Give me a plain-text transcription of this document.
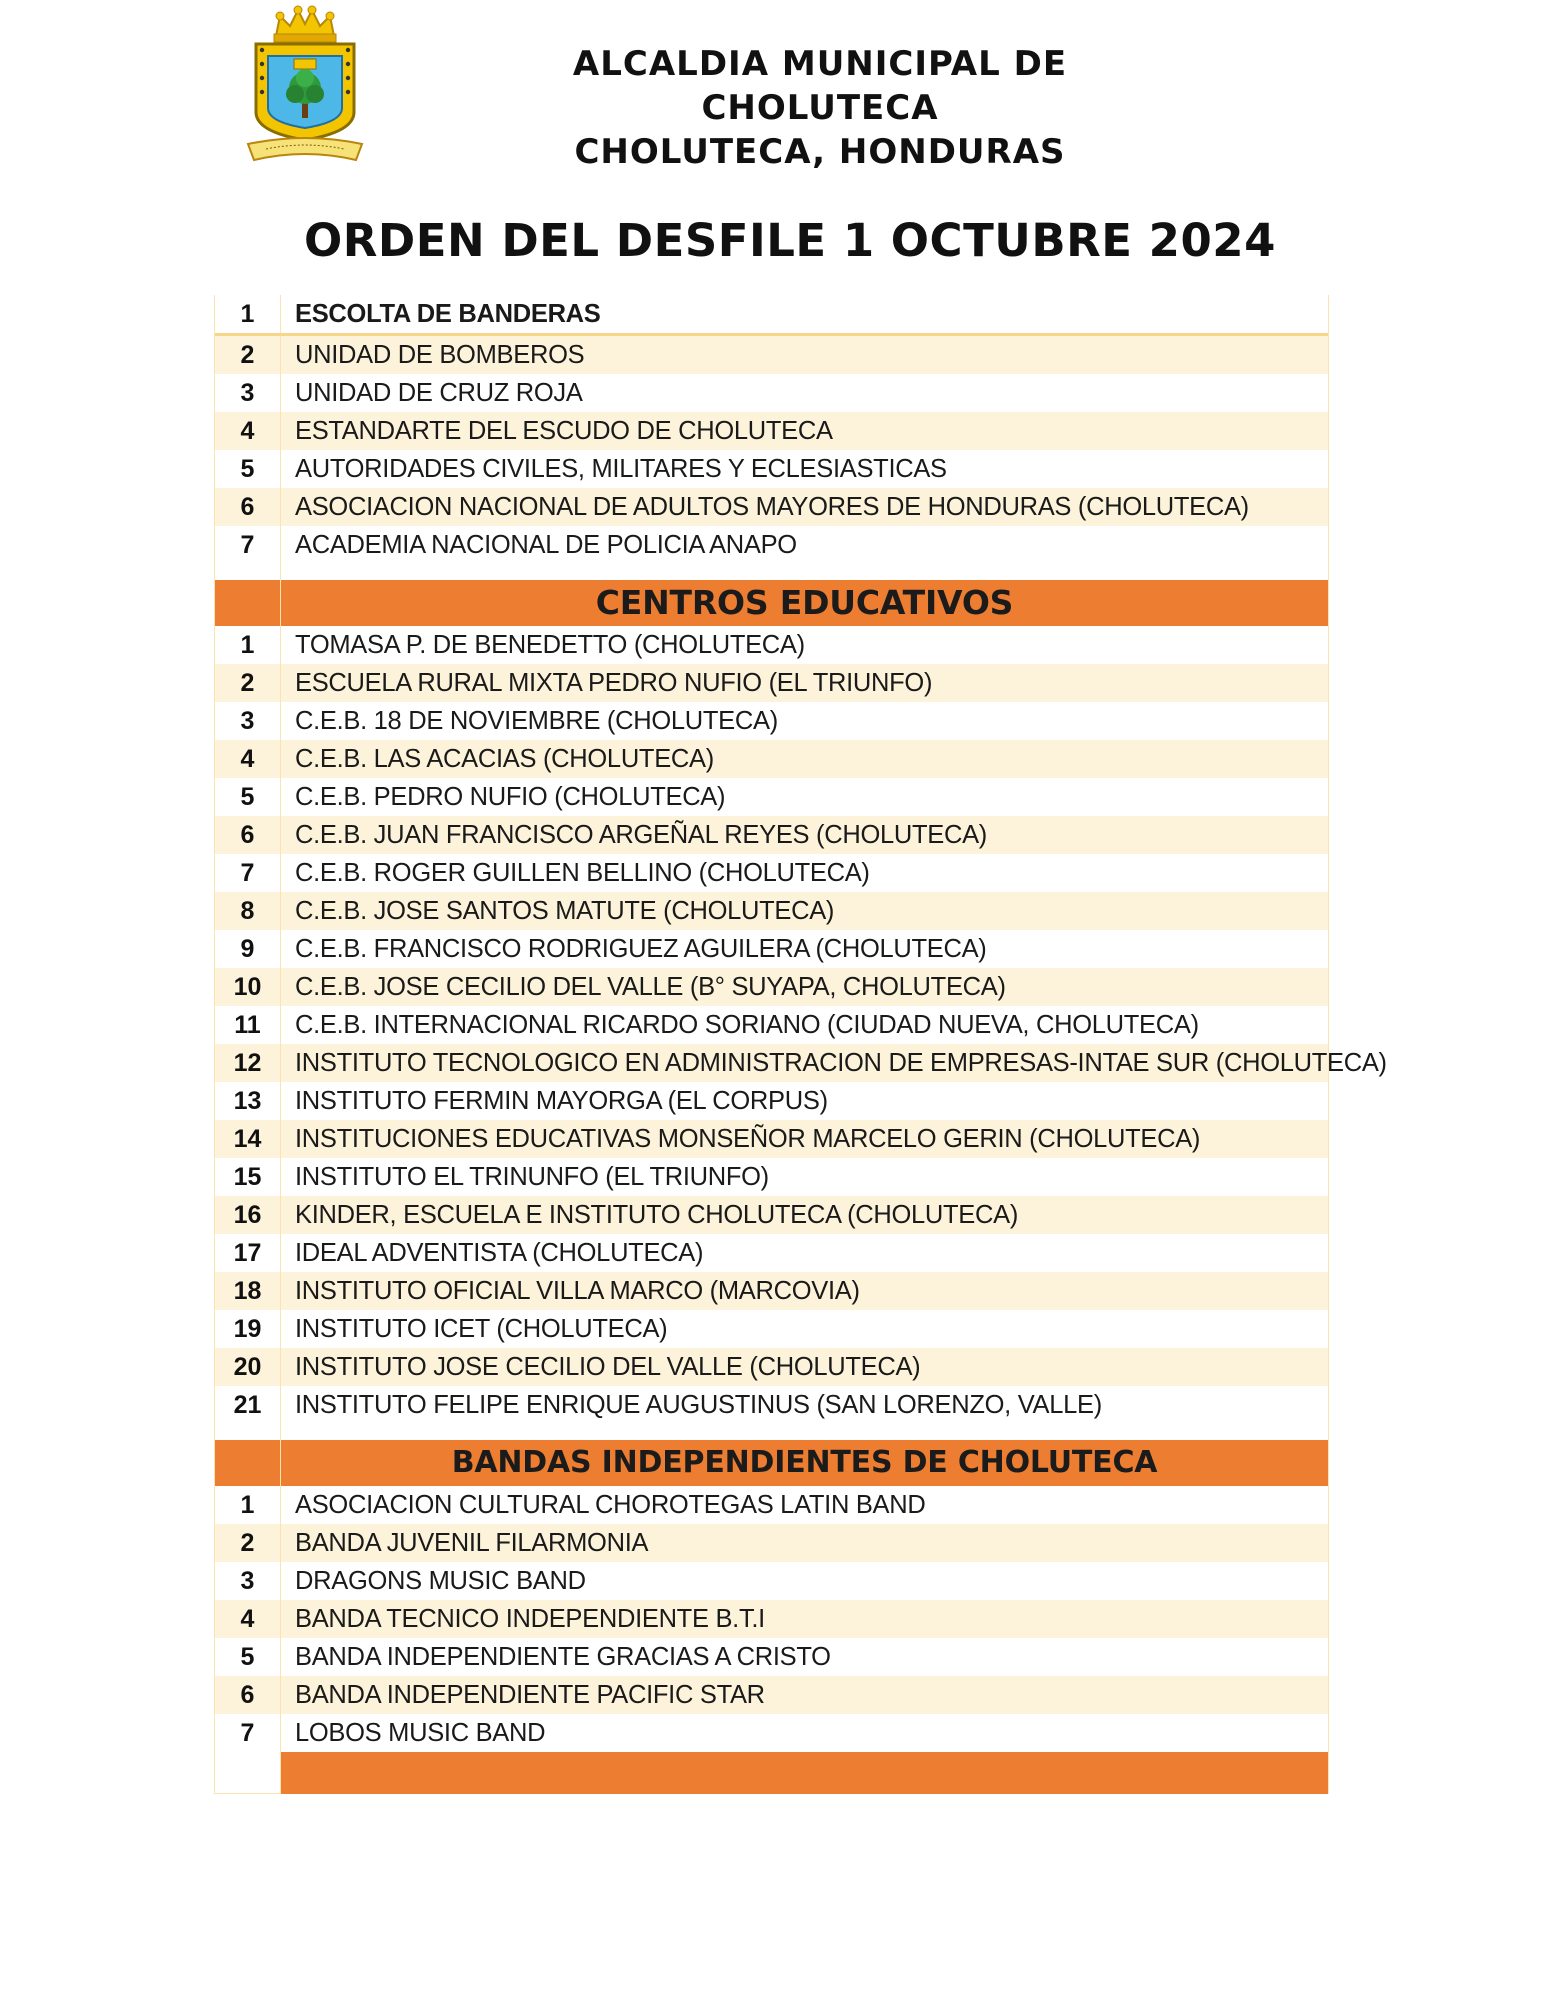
ALCALDIA MUNICIPAL DE CHOLUTECA
CHOLUTECA, HONDURAS
ORDEN DEL DESFILE 1 OCTUBRE 2024
1	ESCOLTA DE BANDERAS
2	UNIDAD DE BOMBEROS
3	UNIDAD DE CRUZ ROJA
4	ESTANDARTE DEL ESCUDO DE CHOLUTECA
5	AUTORIDADES CIVILES, MILITARES Y ECLESIASTICAS
6	ASOCIACION NACIONAL DE ADULTOS MAYORES DE HONDURAS (CHOLUTECA)
7	ACADEMIA NACIONAL DE POLICIA ANAPO
CENTROS EDUCATIVOS
1	TOMASA P. DE BENEDETTO (CHOLUTECA)
2	ESCUELA RURAL MIXTA PEDRO NUFIO (EL TRIUNFO)
3	C.E.B. 18 DE NOVIEMBRE (CHOLUTECA)
4	C.E.B. LAS ACACIAS (CHOLUTECA)
5	C.E.B. PEDRO NUFIO (CHOLUTECA)
6	C.E.B. JUAN FRANCISCO ARGEÑAL REYES (CHOLUTECA)
7	C.E.B. ROGER GUILLEN BELLINO (CHOLUTECA)
8	C.E.B. JOSE SANTOS MATUTE (CHOLUTECA)
9	C.E.B. FRANCISCO RODRIGUEZ AGUILERA (CHOLUTECA)
10	C.E.B. JOSE CECILIO DEL VALLE (B° SUYAPA, CHOLUTECA)
11	C.E.B. INTERNACIONAL RICARDO SORIANO (CIUDAD NUEVA, CHOLUTECA)
12	INSTITUTO TECNOLOGICO EN ADMINISTRACION DE EMPRESAS-INTAE SUR (CHOLUTECA)
13	INSTITUTO FERMIN MAYORGA (EL CORPUS)
14	INSTITUCIONES EDUCATIVAS MONSEÑOR MARCELO GERIN (CHOLUTECA)
15	INSTITUTO EL TRINUNFO (EL TRIUNFO)
16	KINDER, ESCUELA E INSTITUTO CHOLUTECA (CHOLUTECA)
17	IDEAL ADVENTISTA (CHOLUTECA)
18	INSTITUTO OFICIAL VILLA MARCO (MARCOVIA)
19	INSTITUTO ICET (CHOLUTECA)
20	INSTITUTO JOSE CECILIO DEL VALLE (CHOLUTECA)
21	INSTITUTO FELIPE ENRIQUE AUGUSTINUS (SAN LORENZO, VALLE)
BANDAS INDEPENDIENTES DE CHOLUTECA
1	ASOCIACION CULTURAL CHOROTEGAS LATIN BAND
2	BANDA JUVENIL FILARMONIA
3	DRAGONS MUSIC BAND
4	BANDA TECNICO INDEPENDIENTE B.T.I
5	BANDA INDEPENDIENTE GRACIAS A CRISTO
6	BANDA INDEPENDIENTE PACIFIC STAR
7	LOBOS MUSIC BAND
